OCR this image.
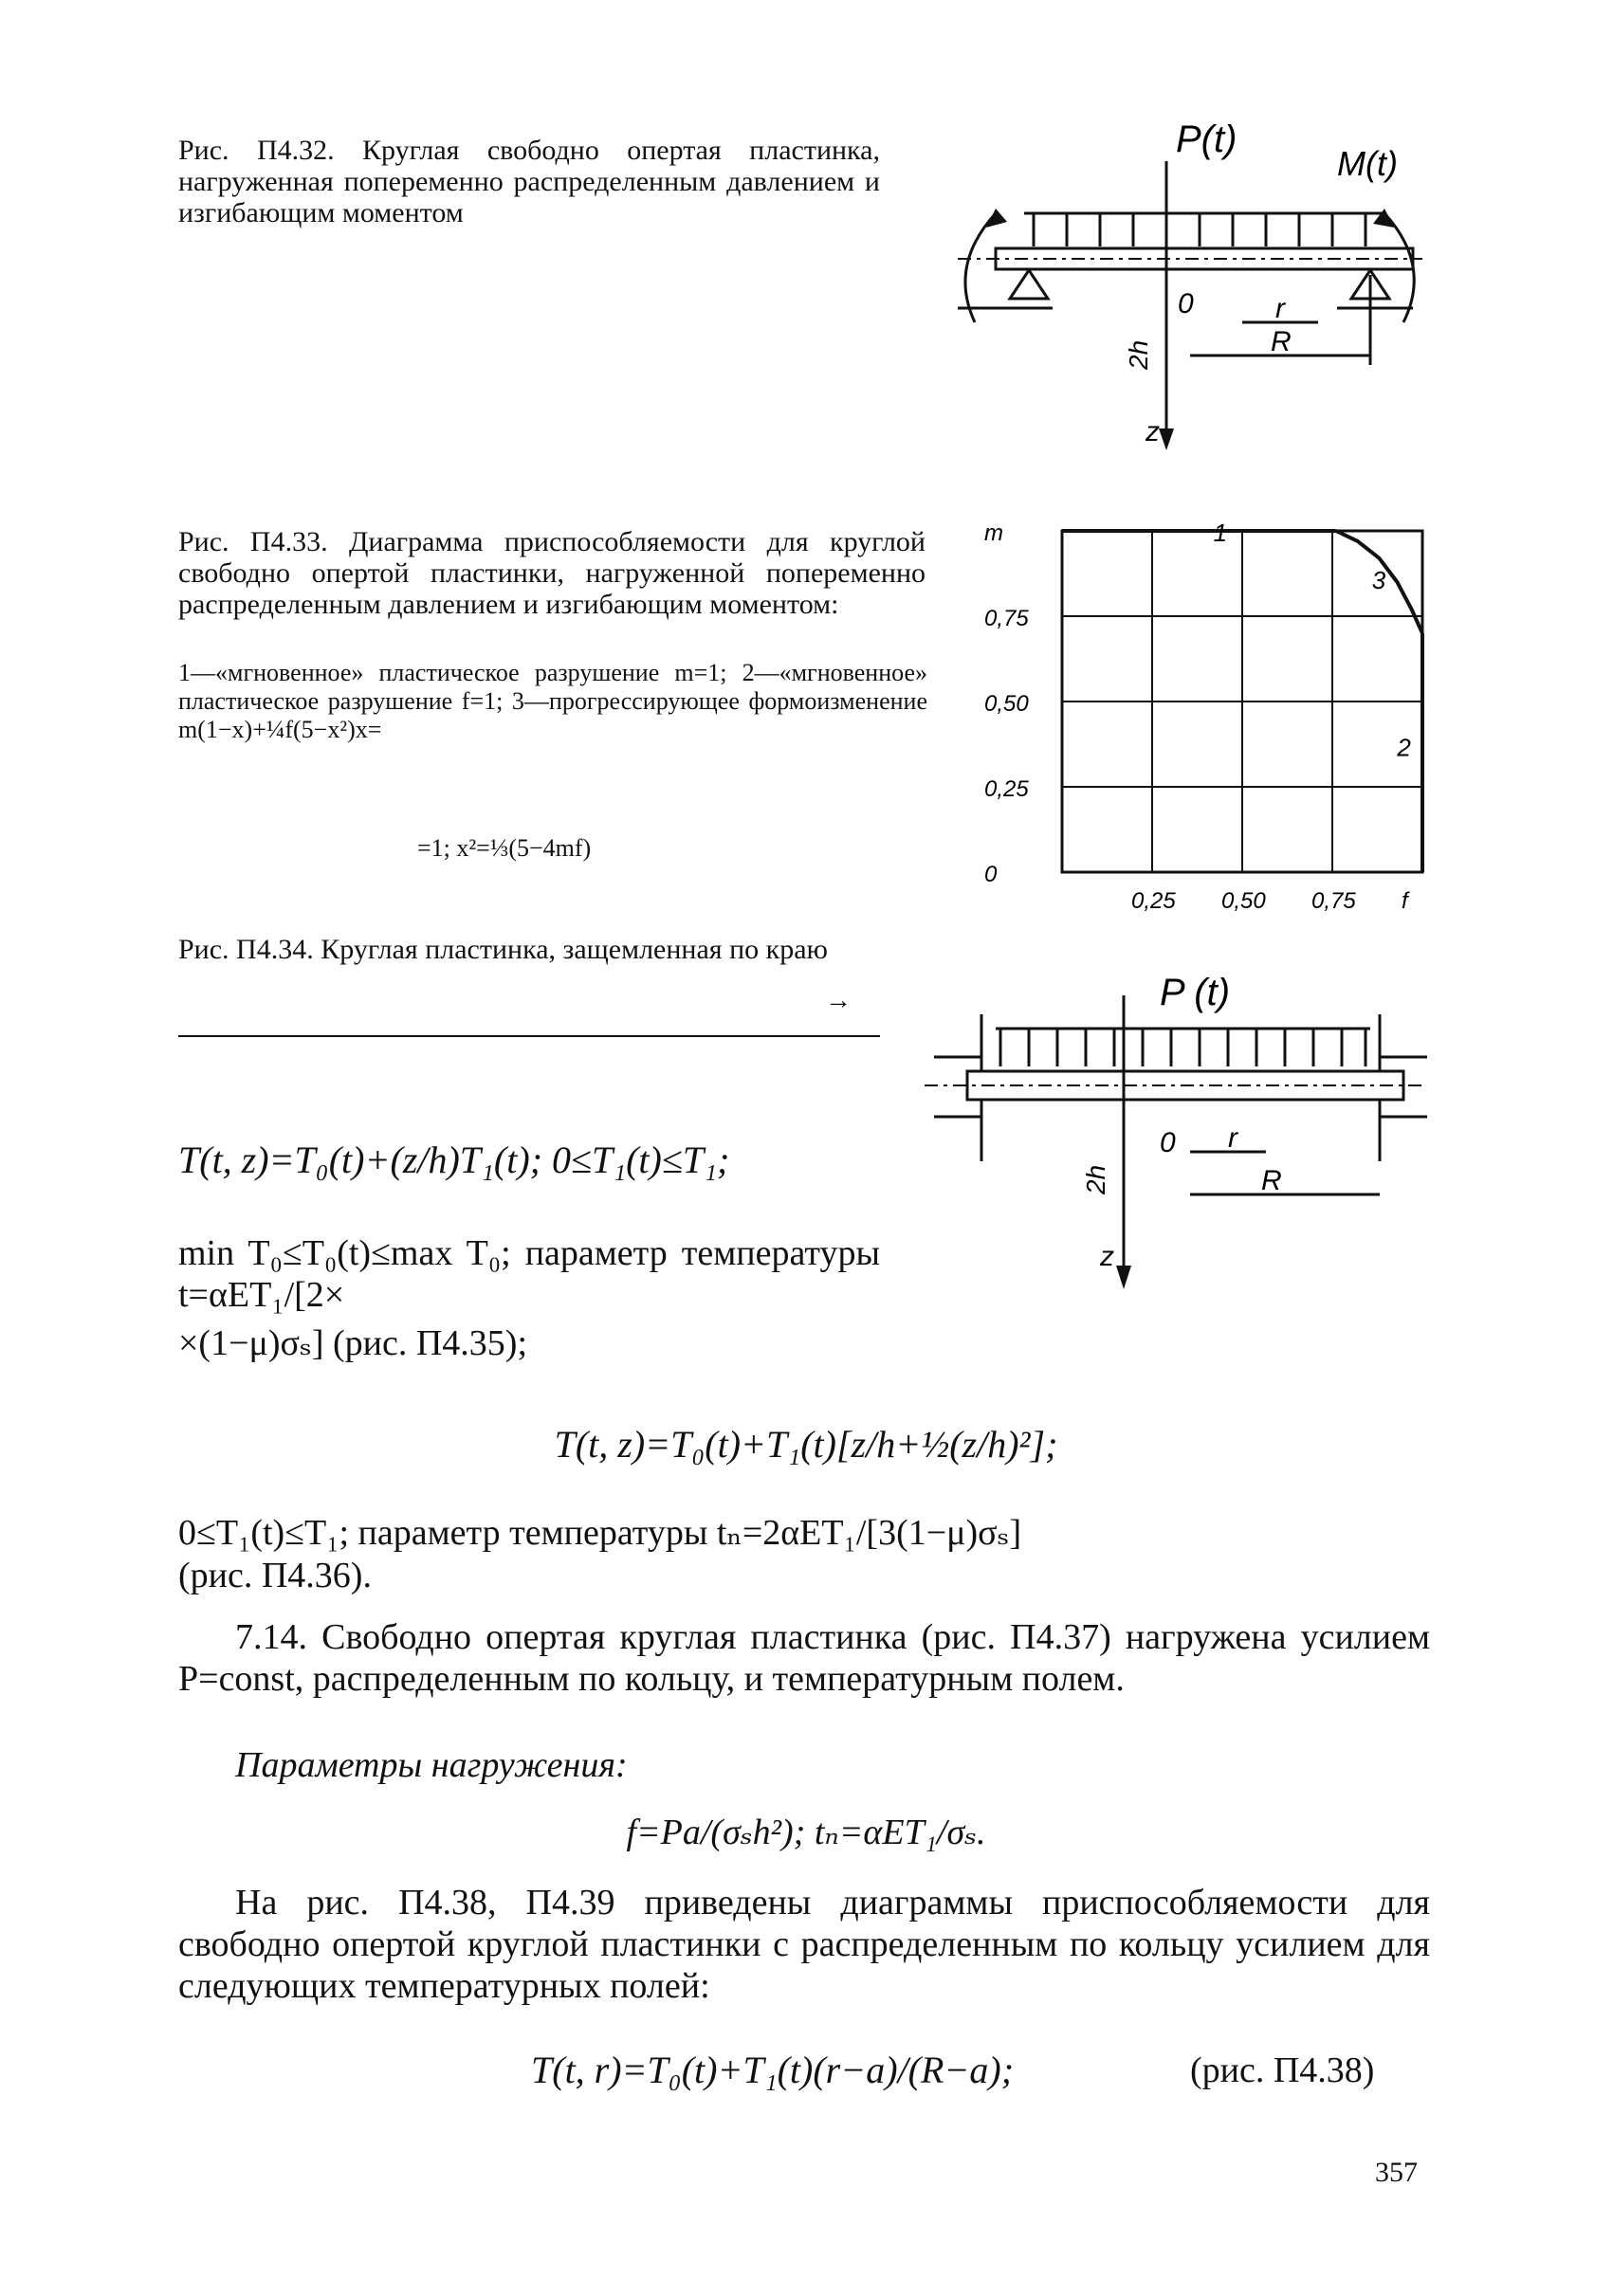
Рис. П4.32. Круглая свободно опертая пластинка, нагруженная попеременно распределенным давлением и изгибающим моментом
P(t)
M(t)
0	r
R
2h
z
Рис. П4.33. Диаграмма приспособляемости для круглой свободно опертой пластинки, нагруженной попеременно распределенным давлением и изгибающим моментом:
1—«мгновенное» пластическое разрушение m=1; 2—«мгновенное» пластическое разрушение f=1; 3—прогрессирующее формоизменение m(1−x)+¼f(5−x²)x=
=1; x²=⅓(5−4mf)
0,25 0,50 0,75 f
m
0,75
0,50
0,25
0
1
3
2
Рис. П4.34. Круглая пластинка, защемленная по краю
→	P (t)
0 r
R
2h
z
T(t, z)=T₀(t)+(z/h)T₁(t); 0≤T₁(t)≤T₁;
min T₀≤T₀(t)≤max T₀; параметр температуры t=αET₁/[2×
×(1−μ)σₛ] (рис. П4.35);
T(t, z)=T₀(t)+T₁(t)[z/h+½(z/h)²];
0≤T₁(t)≤T₁; параметр температуры tₙ=2αET₁/[3(1−μ)σₛ]
(рис. П4.36).
7.14. Свободно опертая круглая пластинка (рис. П4.37) нагружена усилием P=const, распределенным по кольцу, и температурным полем.
Параметры нагружения:
f=Pa/(σₛh²); tₙ=αET₁/σₛ.
На рис. П4.38, П4.39 приведены диаграммы приспособляемости для свободно опертой круглой пластинки с распределенным по кольцу усилием для следующих температурных полей:
T(t, r)=T₀(t)+T₁(t)(r−a)/(R−a);	(рис. П4.38)
357
